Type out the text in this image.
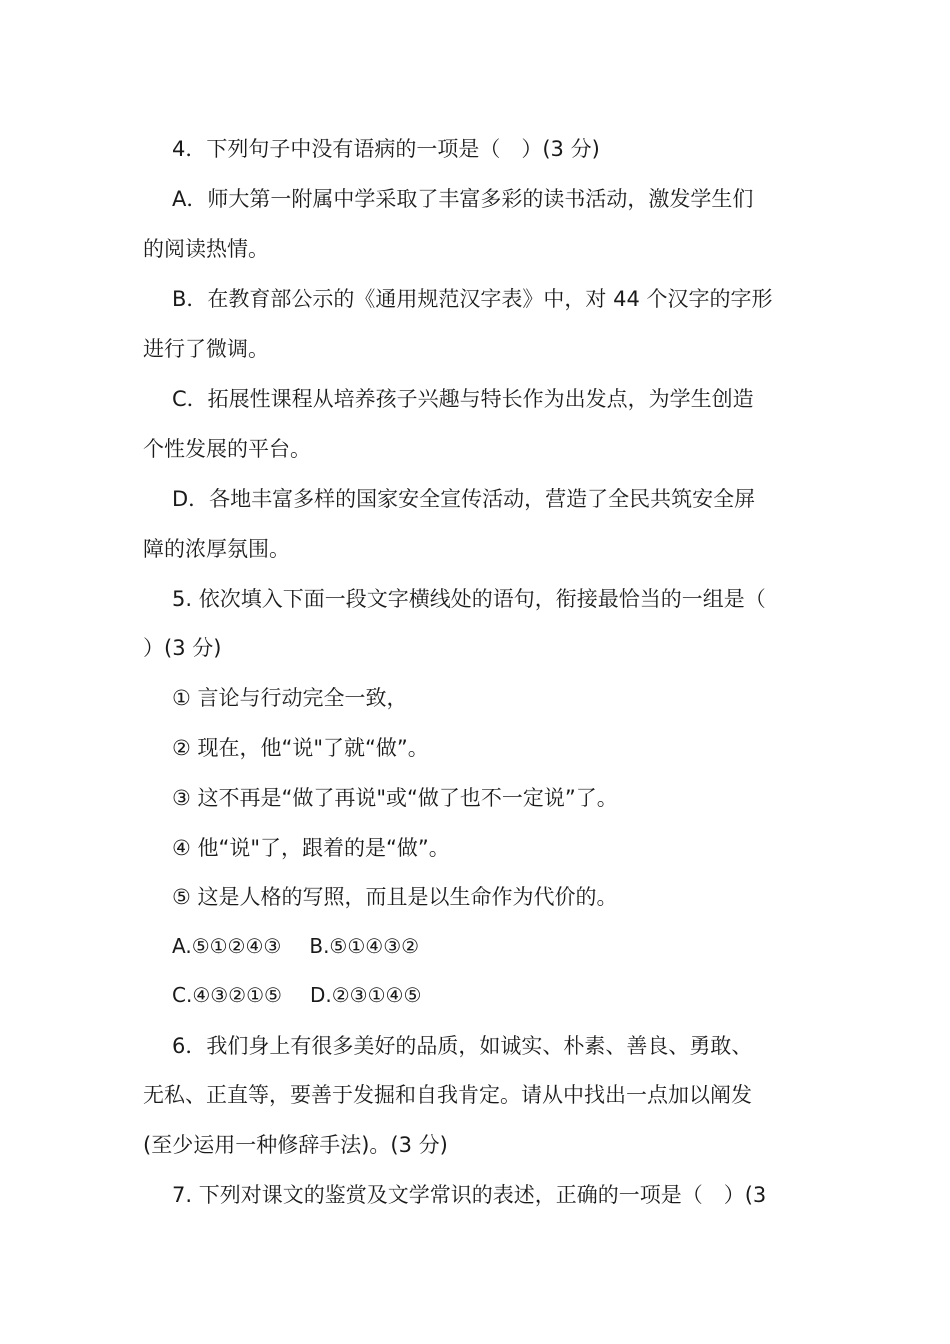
4．下列句子中没有语病的一项是（　）(3 分)
A．师大第一附属中学采取了丰富多彩的读书活动，激发学生们
的阅读热情。
B．在教育部公示的《通用规范汉字表》中，对 44 个汉字的字形
进行了微调。
C．拓展性课程从培养孩子兴趣与特长作为出发点，为学生创造
个性发展的平台。
D．各地丰富多样的国家安全宣传活动，营造了全民共筑安全屏
障的浓厚氛围。
5. 依次填入下面一段文字横线处的语句，衔接最恰当的一组是（
）(3 分)
① 言论与行动完全一致，
② 现在，他“说"了就“做”。
③ 这不再是“做了再说"或“做了也不一定说”了。
④ 他“说"了，跟着的是“做”。
⑤ 这是人格的写照，而且是以生命作为代价的。
A.⑤①②④③ B.⑤①④③②
C.④③②①⑤ D.②③①④⑤
6．我们身上有很多美好的品质，如诚实、朴素、善良、勇敢、
无私、正直等，要善于发掘和自我肯定。请从中找出一点加以阐发
(至少运用一种修辞手法)。(3 分)
7. 下列对课文的鉴赏及文学常识的表述，正确的一项是（　）(3
